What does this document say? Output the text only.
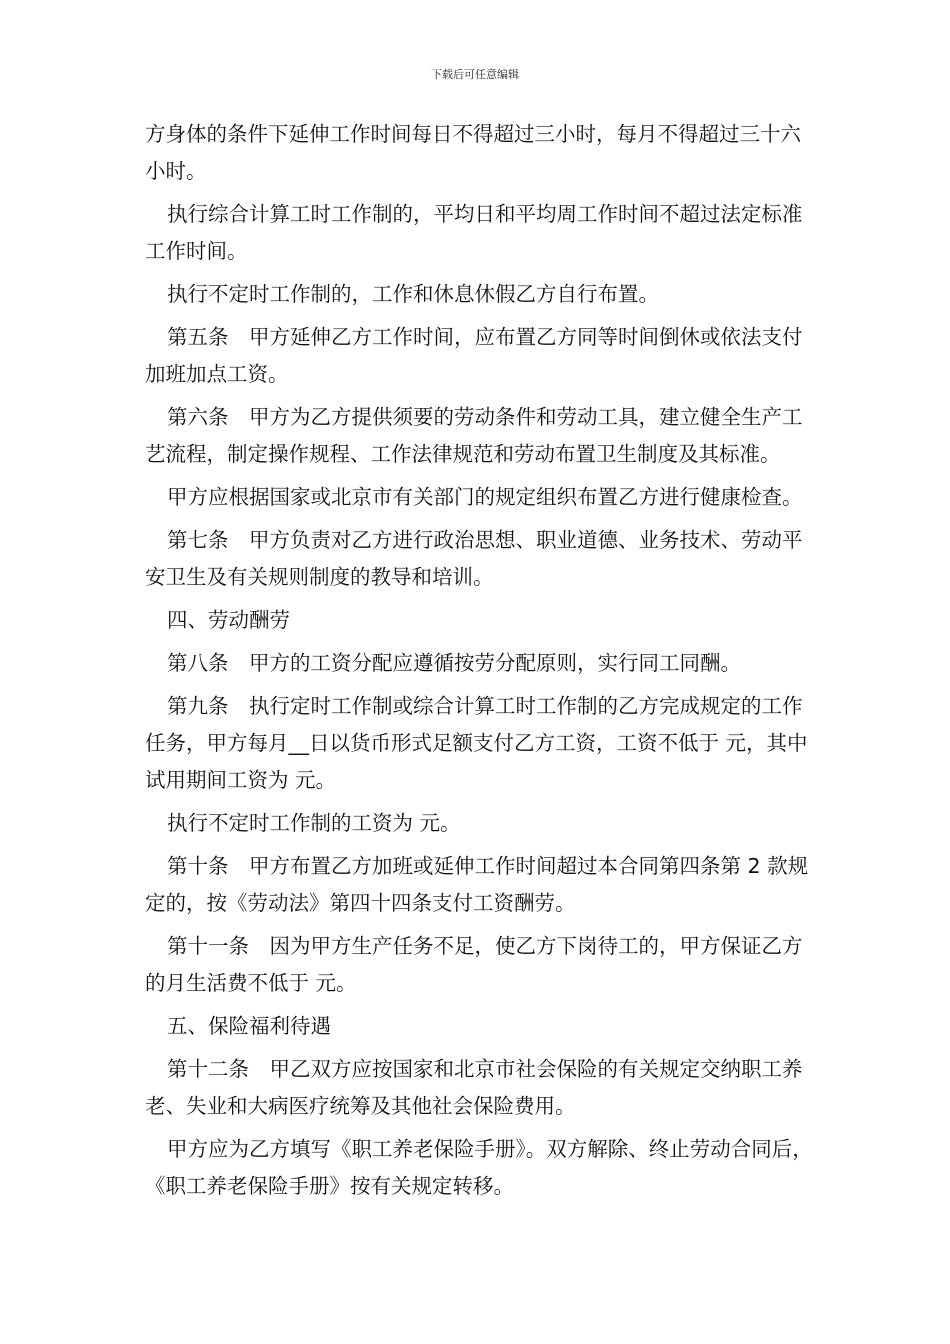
下载后可任意编辑

方身体的条件下延伸工作时间每日不得超过三小时，每月不得超过三十六小时。

执行综合计算工时工作制的，平均日和平均周工作时间不超过法定标准工作时间。

执行不定时工作制的，工作和休息休假乙方自行布置。

第五条　甲方延伸乙方工作时间，应布置乙方同等时间倒休或依法支付加班加点工资。

第六条　甲方为乙方提供须要的劳动条件和劳动工具，建立健全生产工艺流程，制定操作规程、工作法律规范和劳动布置卫生制度及其标准。

甲方应根据国家或北京市有关部门的规定组织布置乙方进行健康检查。

第七条　甲方负责对乙方进行政治思想、职业道德、业务技术、劳动平安卫生及有关规则制度的教导和培训。

四、劳动酬劳

第八条　甲方的工资分配应遵循按劳分配原则，实行同工同酬。

第九条　执行定时工作制或综合计算工时工作制的乙方完成规定的工作任务，甲方每月__日以货币形式足额支付乙方工资，工资不低于 元，其中试用期间工资为 元。

执行不定时工作制的工资为 元。

第十条　甲方布置乙方加班或延伸工作时间超过本合同第四条第 2 款规定的，按《劳动法》第四十四条支付工资酬劳。

第十一条　因为甲方生产任务不足，使乙方下岗待工的，甲方保证乙方的月生活费不低于 元。

五、保险福利待遇

第十二条　甲乙双方应按国家和北京市社会保险的有关规定交纳职工养老、失业和大病医疗统筹及其他社会保险费用。

甲方应为乙方填写《职工养老保险手册》。双方解除、终止劳动合同后，《职工养老保险手册》按有关规定转移。
